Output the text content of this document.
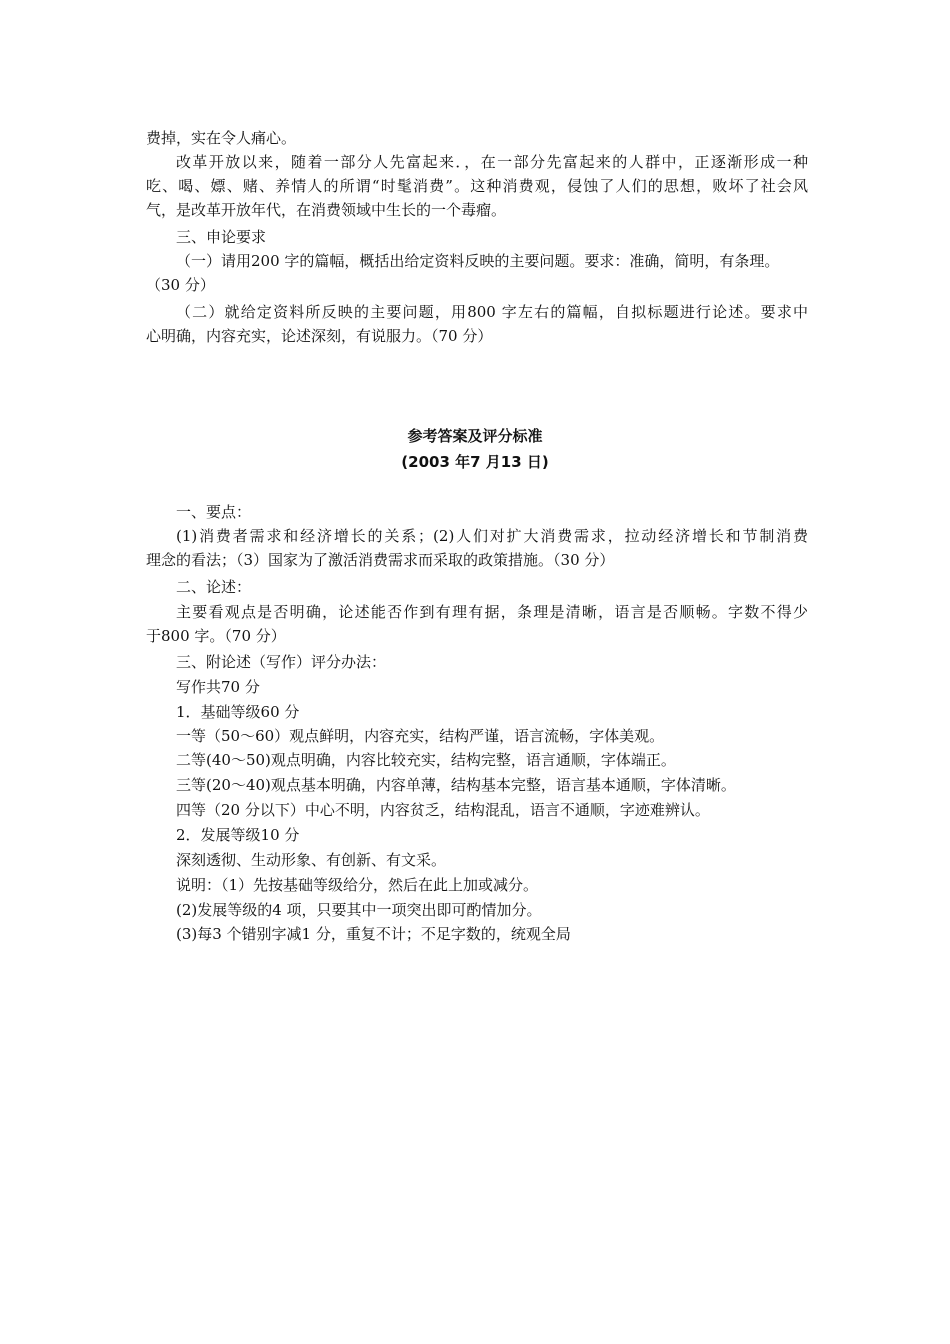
费掉，实在令人痛心。
改革开放以来，随着一部分人先富起来．，在一部分先富起来的人群中，正逐渐形成一种
吃、喝、嫖、赌、养情人的所谓“时髦消费”。这种消费观，侵蚀了人们的思想，败坏了社会风
气，是改革开放年代，在消费领域中生长的一个毒瘤。
三、申论要求
（一）请用200 字的篇幅，概括出给定资料反映的主要问题。要求：准确，简明，有条理。
（30 分）
（二）就给定资料所反映的主要问题，用800 字左右的篇幅，自拟标题进行论述。要求中
心明确，内容充实，论述深刻，有说服力。（70 分）
参考答案及评分标准
(2003 年7 月13 日)
一、要点：
(1)消费者需求和经济增长的关系；(2)人们对扩大消费需求，拉动经济增长和节制消费
理念的看法；（3）国家为了激活消费需求而采取的政策措施。（30 分）
二、论述：
主要看观点是否明确，论述能否作到有理有据，条理是清晰，语言是否顺畅。字数不得少
于800 字。（70 分）
三、附论述（写作）评分办法：
写作共70 分
1．基础等级60 分
一等（50～60）观点鲜明，内容充实，结构严谨，语言流畅，字体美观。
二等(40～50)观点明确，内容比较充实，结构完整，语言通顺，字体端正。
三等(20～40)观点基本明确，内容单薄，结构基本完整，语言基本通顺，字体清晰。
四等（20 分以下）中心不明，内容贫乏，结构混乱，语言不通顺，字迹难辨认。
2．发展等级10 分
深刻透彻、生动形象、有创新、有文采。
说明：（1）先按基础等级给分，然后在此上加或减分。
(2)发展等级的4 项，只要其中一项突出即可酌情加分。
(3)每3 个错别字减1 分，重复不计；不足字数的，统观全局
